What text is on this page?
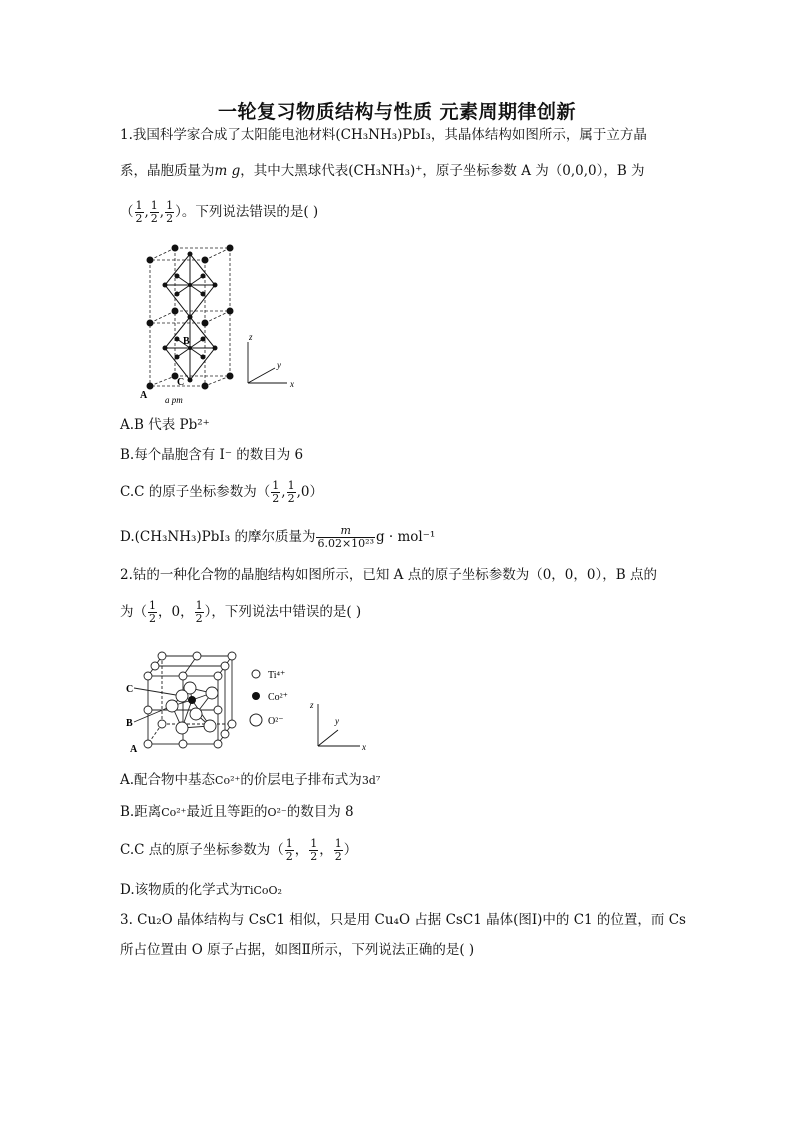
一轮复习物质结构与性质 元素周期律创新
1.我国科学家合成了太阳能电池材料(CH₃NH₃)PbI₃，其晶体结构如图所示，属于立方晶
系，晶胞质量为m g，其中大黑球代表(CH₃NH₃)⁺，原子坐标参数 A 为（0,0,0），B 为
（ $\frac{1}{2}$ , $\frac{1}{2}$ , $\frac{1}{2}$ ）。下列说法错误的是( )
B
C
A a pm
z
y
x
A.B 代表 Pb²⁺
B.每个晶胞含有 I⁻ 的数目为 6
C.C 的原子坐标参数为（ $\frac{1}{2}$ , $\frac{1}{2} ,0$）
D.(CH₃NH₃)PbI₃ 的摩尔质量为 $\frac{m}{\text{6.02×10²³}}$ g · mol⁻¹
2.钴的一种化合物的晶胞结构如图所示，已知 A 点的原子坐标参数为（0，0，0），B 点的
为（ $\frac{1}{2}$ ，0， $\frac{1}{2}$ ），下列说法中错误的是( )
C
B
A
Ti⁴⁺
Co²⁺
O²⁻
z
y
x
A.配合物中基态Co²⁺的价层电子排布式为3d⁷
B.距离Co²⁺最近且等距的O²⁻的数目为 8
C.C 点的原子坐标参数为（ $\frac{1}{2}$ ， $\frac{1}{2}$ ， $\frac{1}{2}$ ）
D.该物质的化学式为TiCoO₂
3. Cu₂O 晶体结构与 CsC1 相似，只是用 Cu₄O 占据 CsC1 晶体(图Ⅰ)中的 C1 的位置，而 Cs
所占位置由 O 原子占据，如图Ⅱ所示，下列说法正确的是( )
